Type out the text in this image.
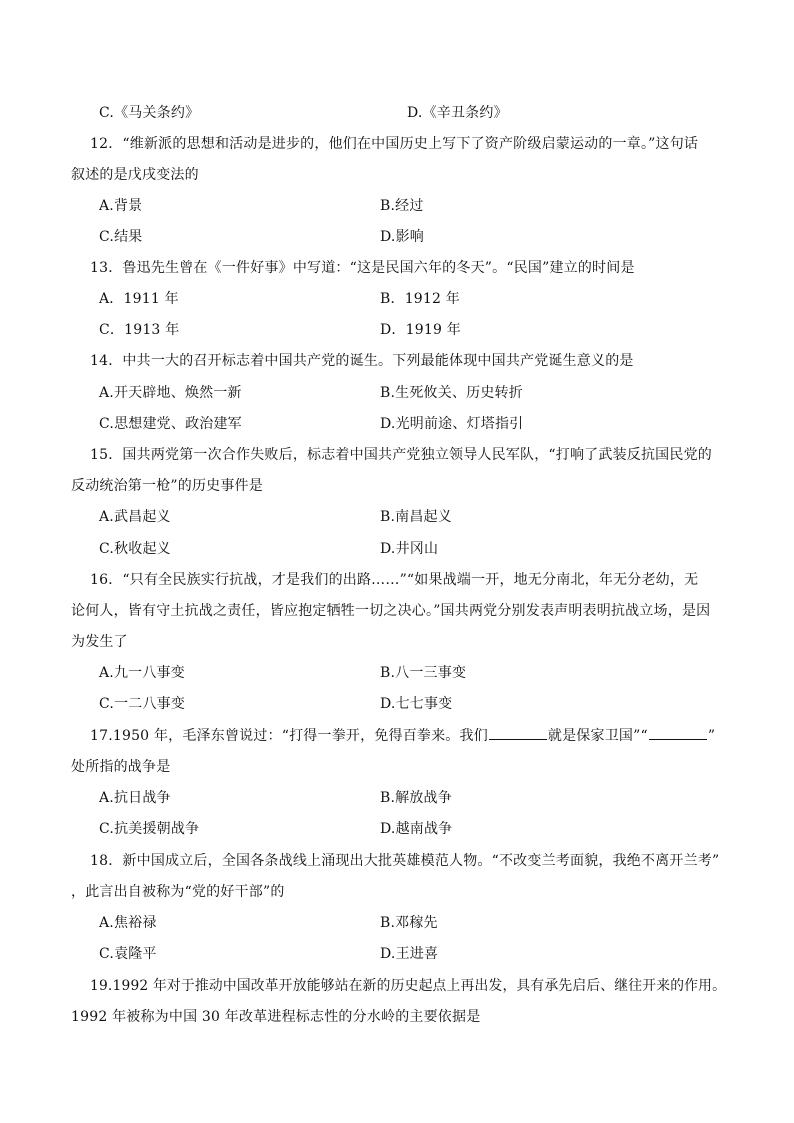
C.《马关条约》	D.《辛丑条约》
12．“维新派的思想和活动是进步的，他们在中国历史上写下了资产阶级启蒙运动的一章。”这句话
叙述的是戊戌变法的
A.背景	B.经过
C.结果	D.影响
13．鲁迅先生曾在《一件好事》中写道：“这是民国六年的冬天”。“民国”建立的时间是
A．1911 年	B．1912 年
C．1913 年	D．1919 年
14．中共一大的召开标志着中国共产党的诞生。下列最能体现中国共产党诞生意义的是
A.开天辟地、焕然一新	B.生死攸关、历史转折
C.思想建党、政治建军	D.光明前途、灯塔指引
15．国共两党第一次合作失败后，标志着中国共产党独立领导人民军队，“打响了武装反抗国民党的
反动统治第一枪”的历史事件是
A.武昌起义	B.南昌起义
C.秋收起义	D.井冈山
16．“只有全民族实行抗战，才是我们的出路……”“如果战端一开，地无分南北，年无分老幼，无
论何人，皆有守土抗战之责任，皆应抱定牺牲一切之决心。”国共两党分别发表声明表明抗战立场，是因
为发生了
A.九一八事变	B.八一三事变
C.一二八事变	D.七七事变
17.1950 年，毛泽东曾说过：“打得一拳开，免得百拳来。我们	就是保家卫国”“	”
处所指的战争是
A.抗日战争	B.解放战争
C.抗美援朝战争	D.越南战争
18．新中国成立后，全国各条战线上涌现出大批英雄模范人物。“不改变兰考面貌，我绝不离开兰考”
，此言出自被称为“党的好干部”的
A.焦裕禄	B.邓稼先
C.袁隆平	D.王进喜
19.1992 年对于推动中国改革开放能够站在新的历史起点上再出发，具有承先启后、继往开来的作用。
1992 年被称为中国 30 年改革进程标志性的分水岭的主要依据是
